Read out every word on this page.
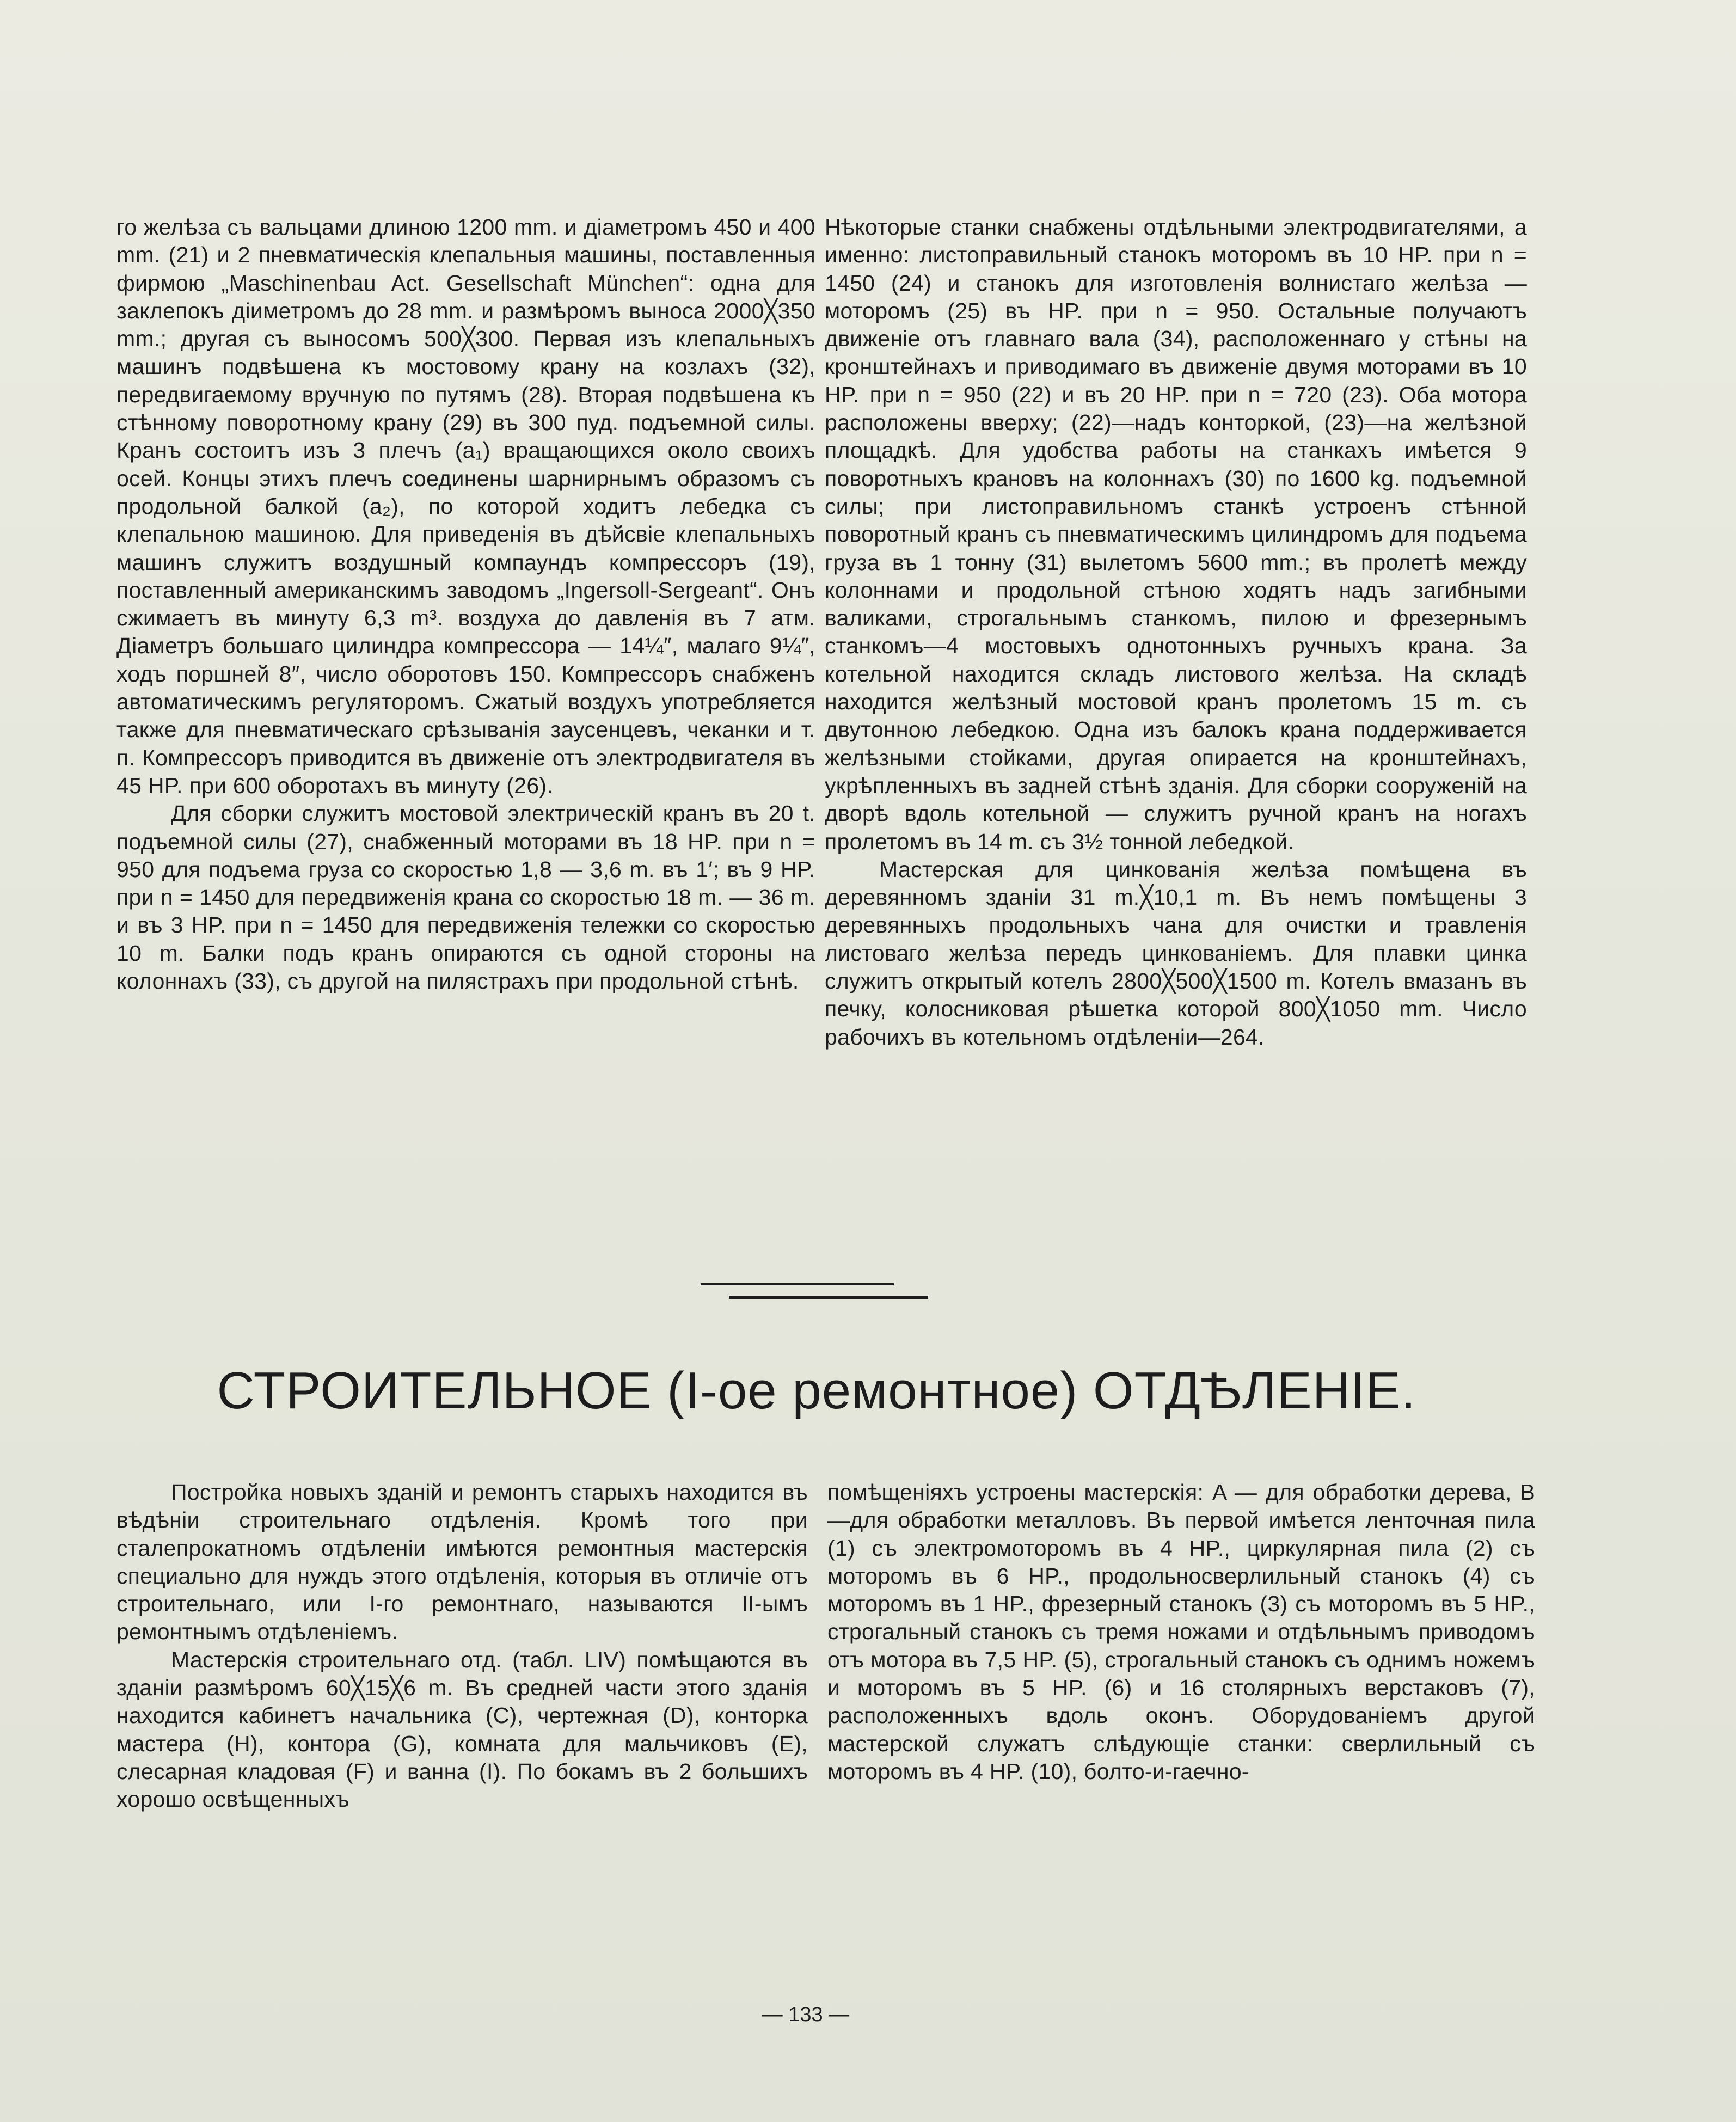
го желѣза съ вальцами длиною 1200 mm. и діаметромъ 450 и 400 mm. (21) и 2 пневматическія клепальныя машины, поставленныя фирмою „Maschinenbau Act. Gesellschaft München“: одна для заклепокъ діиметромъ до 28 mm. и размѣромъ выноса 2000╳350 mm.; другая съ выносомъ 500╳300. Первая изъ клепальныхъ машинъ подвѣшена къ мостовому крану на козлахъ (32), передвигаемому вручную по путямъ (28). Вторая подвѣшена къ стѣнному поворотному крану (29) въ 300 пуд. подъемной силы. Кранъ состоитъ изъ 3 плечъ (a₁) вращающихся около своихъ осей. Концы этихъ плечъ соединены шарнирнымъ образомъ съ продольной балкой (a₂), по которой ходитъ лебедка съ клепальною машиною. Для приведенія въ дѣйсвіе клепальныхъ машинъ служитъ воздушный компаундъ компрессоръ (19), поставленный американскимъ заводомъ „Ingersoll-Sergeant“. Онъ сжимаетъ въ минуту 6,3 m³. воздуха до давленія въ 7 атм. Діаметръ большаго цилиндра компрессора — 14¼″, малаго 9¼″, ходъ поршней 8″, число оборотовъ 150. Компрессоръ снабженъ автоматическимъ регуляторомъ. Сжатый воздухъ употребляется также для пневматическаго срѣзыванія заусенцевъ, чеканки и т. п. Компрессоръ приводится въ движеніе отъ электродвигателя въ 45 HP. при 600 оборотахъ въ минуту (26).

Для сборки служитъ мостовой электрическій кранъ въ 20 t. подъемной силы (27), снабженный моторами въ 18 HP. при n = 950 для подъема груза со скоростью 1,8 — 3,6 m. въ 1′; въ 9 HP. при n = 1450 для передвиженія крана со скоростью 18 m. — 36 m. и въ 3 HP. при n = 1450 для передвиженія тележки со скоростью 10 m. Балки подъ кранъ опираются съ одной стороны на колоннахъ (33), съ другой на пилястрахъ при продольной стѣнѣ.

Нѣкоторые станки снабжены отдѣльными электродвигателями, а именно: листоправильный станокъ моторомъ въ 10 HP. при n = 1450 (24) и станокъ для изготовленія волнистаго желѣза — моторомъ (25) въ HP. при n = 950. Остальные получаютъ движеніе отъ главнаго вала (34), расположеннаго у стѣны на кронштейнахъ и приводимаго въ движеніе двумя моторами въ 10 HP. при n = 950 (22) и въ 20 HP. при n = 720 (23). Оба мотора расположены вверху; (22)—надъ конторкой, (23)—на желѣзной площадкѣ. Для удобства работы на станкахъ имѣется 9 поворотныхъ крановъ на колоннахъ (30) по 1600 kg. подъемной силы; при листоправильномъ станкѣ устроенъ стѣнной поворотный кранъ съ пневматическимъ цилиндромъ для подъема груза въ 1 тонну (31) вылетомъ 5600 mm.; въ пролетѣ между колоннами и продольной стѣною ходятъ надъ загибными валиками, строгальнымъ станкомъ, пилою и фрезернымъ станкомъ—4 мостовыхъ однотонныхъ ручныхъ крана. За котельной находится складъ листового желѣза. На складѣ находится желѣзный мостовой кранъ пролетомъ 15 m. съ двутонною лебедкою. Одна изъ балокъ крана поддерживается желѣзными стойками, другая опирается на кронштейнахъ, укрѣпленныхъ въ задней стѣнѣ зданія. Для сборки сооруженій на дворѣ вдоль котельной — служитъ ручной кранъ на ногахъ пролетомъ въ 14 m. съ 3½ тонной лебедкой.

Мастерская для цинкованія желѣза помѣщена въ деревянномъ зданіи 31 m.╳10,1 m. Въ немъ помѣщены 3 деревянныхъ продольныхъ чана для очистки и травленія листоваго желѣза передъ цинкованіемъ. Для плавки цинка служитъ открытый котелъ 2800╳500╳1500 m. Котелъ вмазанъ въ печку, колосниковая рѣшетка которой 800╳1050 mm. Число рабочихъ въ котельномъ отдѣленіи—264.

СТРОИТЕЛЬНОЕ (I-ое ремонтное) ОТДѢЛЕНІЕ.

Постройка новыхъ зданій и ремонтъ старыхъ находится въ вѣдѣніи строительнаго отдѣленія. Кромѣ того при сталепрокатномъ отдѣленіи имѣются ремонтныя мастерскія специально для нуждъ этого отдѣленія, которыя въ отличіе отъ строительнаго, или I-го ремонтнаго, называются II-ымъ ремонтнымъ отдѣленіемъ.

Мастерскія строительнаго отд. (табл. LIV) помѣщаются въ зданіи размѣромъ 60╳15╳6 m. Въ средней части этого зданія находится кабинетъ начальника (C), чертежная (D), конторка мастера (H), контора (G), комната для мальчиковъ (E), слесарная кладовая (F) и ванна (I). По бокамъ въ 2 большихъ хорошо освѣщенныхъ

помѣщеніяхъ устроены мастерскія: A — для обработки дерева, B—для обработки металловъ. Въ первой имѣется ленточная пила (1) съ электромоторомъ въ 4 HP., циркулярная пила (2) съ моторомъ въ 6 HP., продольносверлильный станокъ (4) съ моторомъ въ 1 HP., фрезерный станокъ (3) съ моторомъ въ 5 HP., строгальный станокъ съ тремя ножами и отдѣльнымъ приводомъ отъ мотора въ 7,5 HP. (5), строгальный станокъ съ однимъ ножемъ и моторомъ въ 5 HP. (6) и 16 столярныхъ верстаковъ (7), расположенныхъ вдоль оконъ. Оборудованіемъ другой мастерской служатъ слѣдующіе станки: сверлильный съ моторомъ въ 4 HP. (10), болто-и-гаечно-

— 133 —
